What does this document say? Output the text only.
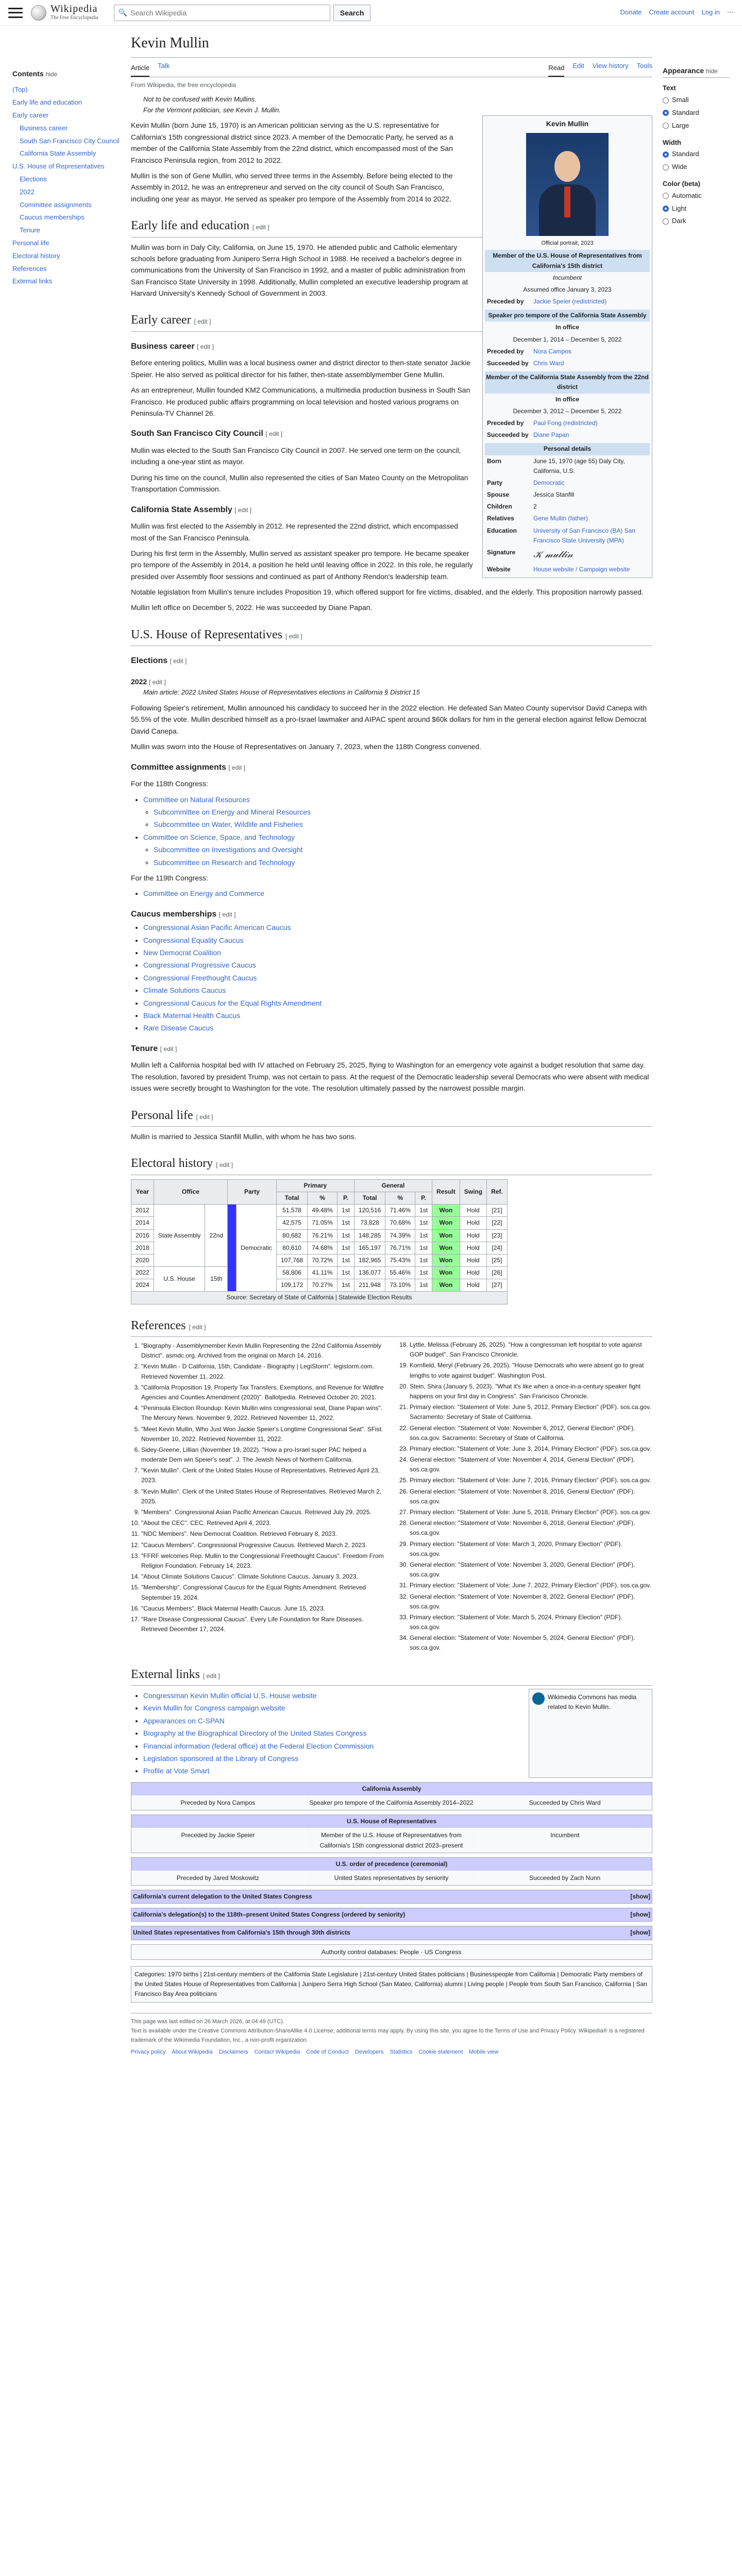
Wikipedia
The Free Encyclopedia
🔍
Search Wikipedia	Search	Donate Create account Log in ⋯
Contents hide
(Top)
Early life and education
Early career
Business career
South San Francisco City Council
California State Assembly
U.S. House of Representatives
Elections
2022
Committee assignments
Caucus memberships
Tenure
Personal life
Electoral history
References
External links
Kevin Mullin
Article Talk	Read Edit View history Tools
From Wikipedia, the free encyclopedia
Not to be confused with Kevin Mullins.
For the Vermont politician, see Kevin J. Mullin.
Kevin Mullin
Official portrait, 2023
Member of the U.S. House of Representatives from California's 15th district
Incumbent
Assumed office January 3, 2023
Preceded by	Jackie Speier (redistricted)
Speaker pro tempore of the California State Assembly
In office
December 1, 2014 – December 5, 2022
Preceded by	Nora Campos
Succeeded by Chris Ward
Member of the California State Assembly from the 22nd district
In office
December 3, 2012 – December 5, 2022
Preceded by	Paul Fong (redistricted)
Succeeded by Diane Papan
Personal details
Born	June 15, 1970 (age 55) Daly City, California, U.S.
Party	Democratic
Spouse	Jessica Stanfill
Children	2
Relatives	Gene Mullin (father)
Education	University of San Francisco (BA) San Francisco State University (MPA)
Signature	𝒦 𝓂𝓊𝓁𝓁𝒾𝓃
Website	House website / Campaign website

Kevin Mullin (born June 15, 1970) is an American politician serving as the U.S. representative for California's 15th congressional district since 2023. A member of the Democratic Party, he served as a member of the California State Assembly from the 22nd district, which encompassed most of the San Francisco Peninsula region, from 2012 to 2022.

Mullin is the son of Gene Mullin, who served three terms in the Assembly. Before being elected to the Assembly in 2012, he was an entrepreneur and served on the city council of South San Francisco, including one year as mayor. He served as speaker pro tempore of the Assembly from 2014 to 2022.

Early life and education [ edit ]

Mullin was born in Daly City, California, on June 15, 1970. He attended public and Catholic elementary schools before graduating from Junipero Serra High School in 1988. He received a bachelor's degree in communications from the University of San Francisco in 1992, and a master of public administration from San Francisco State University in 1998. Additionally, Mullin completed an executive leadership program at Harvard University's Kennedy School of Government in 2003.

Early career [ edit ]
Business career [ edit ]

Before entering politics, Mullin was a local business owner and district director to then-state senator Jackie Speier. He also served as political director for his father, then-state assemblymember Gene Mullin.

As an entrepreneur, Mullin founded KM2 Communications, a multimedia production business in South San Francisco. He produced public affairs programming on local television and hosted various programs on Peninsula-TV Channel 26.

South San Francisco City Council [ edit ]

Mullin was elected to the South San Francisco City Council in 2007. He served one term on the council, including a one-year stint as mayor.

During his time on the council, Mullin also represented the cities of San Mateo County on the Metropolitan Transportation Commission.

California State Assembly [ edit ]

Mullin was first elected to the Assembly in 2012. He represented the 22nd district, which encompassed most of the San Francisco Peninsula.

During his first term in the Assembly, Mullin served as assistant speaker pro tempore. He became speaker pro tempore of the Assembly in 2014, a position he held until leaving office in 2022. In this role, he regularly presided over Assembly floor sessions and continued as part of Anthony Rendon's leadership team.

Notable legislation from Mullin's tenure includes Proposition 19, which offered support for fire victims, disabled, and the elderly. This proposition narrowly passed.

Mullin left office on December 5, 2022. He was succeeded by Diane Papan.

U.S. House of Representatives [ edit ]
Elections [ edit ]
2022 [ edit ]
Main article: 2022 United States House of Representatives elections in California § District 15

Following Speier's retirement, Mullin announced his candidacy to succeed her in the 2022 election. He defeated San Mateo County supervisor David Canepa with 55.5% of the vote. Mullin described himself as a pro-Israel lawmaker and AIPAC spent around $60k dollars for him in the general election against fellow Democrat David Canepa.

Mullin was sworn into the House of Representatives on January 7, 2023, when the 118th Congress convened.

Committee assignments [ edit ]

For the 118th Congress:

• Committee on Natural Resources
◦ Subcommittee on Energy and Mineral Resources
◦ Subcommittee on Water, Wildlife and Fisheries
• Committee on Science, Space, and Technology
◦ Subcommittee on Investigations and Oversight
◦ Subcommittee on Research and Technology

For the 119th Congress:

• Committee on Energy and Commerce
Caucus memberships [ edit ]
• Congressional Asian Pacific American Caucus
• Congressional Equality Caucus
• New Democrat Coalition
• Congressional Progressive Caucus
• Congressional Freethought Caucus
• Climate Solutions Caucus
• Congressional Caucus for the Equal Rights Amendment
• Black Maternal Health Caucus
• Rare Disease Caucus
Tenure [ edit ]

Mullin left a California hospital bed with IV attached on February 25, 2025, flying to Washington for an emergency vote against a budget resolution that same day. The resolution, favored by president Trump, was not certain to pass. At the request of the Democratic leadership several Democrats who were absent with medical issues were secretly brought to Washington for the vote. The resolution ultimately passed by the narrowest possible margin.

Personal life [ edit ]

Mullin is married to Jessica Stanfill Mullin, with whom he has two sons.

Electoral history [ edit ]
Year	Office		Party		Primary			General			Result	Swing	Ref.
					Total	%	P.	Total	%	P.			
2012	State Assembly	22nd		Democratic	51,578	49.48%	1st	120,516	71.46%	1st	Won	Hold	[21]
2014					42,575	71.05%	1st	73,828	70.68%	1st	Won	Hold	[22]
2016					80,682	76.21%	1st	148,285	74.39%	1st	Won	Hold	[23]
2018					80,610	74.68%	1st	165,197	76.71%	1st	Won	Hold	[24]
2020					107,768	70.72%	1st	182,965	75.43%	1st	Won	Hold	[25]
2022	U.S. House	15th			58,806	41.11%	1st	136,077	55.46%	1st	Won	Hold	[26]
2024					109,172	70.27%	1st	211,948	73.10%	1st	Won	Hold	[27]
Source: Secretary of State of California | Statewide Election Results													
References [ edit ]
1. "Biography - Assemblymember Kevin Mullin Representing the 22nd California Assembly District". asmdc.org. Archived from the original on March 14, 2016.
2. "Kevin Mullin - D California, 15th, Candidate - Biography | LegiStorm". legistorm.com. Retrieved November 11, 2022.
3. "California Proposition 19, Property Tax Transfers, Exemptions, and Revenue for Wildfire Agencies and Counties Amendment (2020)". Ballotpedia. Retrieved October 20, 2021.
4. "Peninsula Election Roundup: Kevin Mullin wins congressional seat, Diane Papan wins". The Mercury News. November 9, 2022. Retrieved November 11, 2022.
5. "Meet Kevin Mullin, Who Just Won Jackie Speier's Longtime Congressional Seat". SFist. November 10, 2022. Retrieved November 11, 2022.
6. Sidey-Greene, Lillian (November 19, 2022). "How a pro-Israel super PAC helped a moderate Dem win Speier's seat". J. The Jewish News of Northern California.
7. "Kevin Mullin". Clerk of the United States House of Representatives. Retrieved April 23, 2023.
8. "Kevin Mullin". Clerk of the United States House of Representatives. Retrieved March 2, 2025.
9. "Members". Congressional Asian Pacific American Caucus. Retrieved July 29, 2025.
10. "About the CEC". CEC. Retrieved April 4, 2023.
11. "NDC Members". New Democrat Coalition. Retrieved February 8, 2023.
12. "Caucus Members". Congressional Progressive Caucus. Retrieved March 2, 2023.
13. "FFRF welcomes Rep. Mullin to the Congressional Freethought Caucus". Freedom From Religion Foundation. February 14, 2023.
14. "About Climate Solutions Caucus". Climate Solutions Caucus. January 3, 2023.
15. "Membership". Congressional Caucus for the Equal Rights Amendment. Retrieved September 19, 2024.
16. "Caucus Members". Black Maternal Health Caucus. June 15, 2023.
17. "Rare Disease Congressional Caucus". Every Life Foundation for Rare Diseases. Retrieved December 17, 2024.
18. Lyttle, Melissa (February 26, 2025). "How a congressman left hospital to vote against GOP budget". San Francisco Chronicle.
19. Kornfield, Meryl (February 26, 2025). "House Democrats who were absent go to great lengths to vote against budget". Washington Post.
20. Stein, Shira (January 5, 2023). "What it's like when a once-in-a-century speaker fight happens on your first day in Congress". San Francisco Chronicle.
21. Primary election: "Statement of Vote: June 5, 2012, Primary Election" (PDF). sos.ca.gov. Sacramento: Secretary of State of California.
22. General election: "Statement of Vote: November 6, 2012, General Election" (PDF). sos.ca.gov. Sacramento: Secretary of State of California.
23. Primary election: "Statement of Vote: June 3, 2014, Primary Election" (PDF). sos.ca.gov.
24. General election: "Statement of Vote: November 4, 2014, General Election" (PDF). sos.ca.gov.
25. Primary election: "Statement of Vote: June 7, 2016, Primary Election" (PDF). sos.ca.gov.
26. General election: "Statement of Vote: November 8, 2016, General Election" (PDF). sos.ca.gov.
27. Primary election: "Statement of Vote: June 5, 2018, Primary Election" (PDF). sos.ca.gov.
28. General election: "Statement of Vote: November 6, 2018, General Election" (PDF). sos.ca.gov.
29. Primary election: "Statement of Vote: March 3, 2020, Primary Election" (PDF). sos.ca.gov.
30. General election: "Statement of Vote: November 3, 2020, General Election" (PDF). sos.ca.gov.
31. Primary election: "Statement of Vote: June 7, 2022, Primary Election" (PDF). sos.ca.gov.
32. General election: "Statement of Vote: November 8, 2022, General Election" (PDF). sos.ca.gov.
33. Primary election: "Statement of Vote: March 5, 2024, Primary Election" (PDF). sos.ca.gov.
34. General election: "Statement of Vote: November 5, 2024, General Election" (PDF). sos.ca.gov.
External links [ edit ]
• Congressman Kevin Mullin official U.S. House website
• Kevin Mullin for Congress campaign website
• Appearances on C-SPAN
• Biography at the Biographical Directory of the United States Congress
• Financial information (federal office) at the Federal Election Commission
• Legislation sponsored at the Library of Congress
• Profile at Vote Smart
Wikimedia Commons has media related to Kevin Mullin.
California Assembly
Preceded by Nora Campos	Speaker pro tempore of the California Assembly 2014–2022	Succeeded by Chris Ward
U.S. House of Representatives
Preceded by Jackie Speier	Member of the U.S. House of Representatives from California's 15th congressional district 2023–present
Incumbent
U.S. order of precedence (ceremonial)
Preceded by Jared Moskowitz	United States representatives by seniority	Succeeded by Zach Nunn
California's current delegation to the United States Congress	[show]
California's delegation(s) to the 118th–present United States Congress (ordered by seniority)	[show]
United States representatives from California's 15th through 30th districts	[show]
Authority control databases: People · US Congress
Categories: 1970 births | 21st-century members of the California State Legislature | 21st-century United States politicians | Businesspeople from California | Democratic Party members of the United States House of Representatives from California | Junipero Serra High School (San Mateo, California) alumni | Living people | People from South San Francisco, California | San Francisco Bay Area politicians
This page was last edited on 26 March 2026, at 04:49 (UTC).
Text is available under the Creative Commons Attribution-ShareAlike 4.0 License; additional terms may apply. By using this site, you agree to the Terms of Use and Privacy Policy. Wikipedia® is a registered trademark of the Wikimedia Foundation, Inc., a non-profit organization.
Privacy policy About Wikipedia Disclaimers Contact Wikipedia Code of Conduct Developers Statistics Cookie statement Mobile view
Appearance hide
Text
Small
Standard
Large
Width
Standard
Wide
Color (beta)
Automatic
Light
Dark
